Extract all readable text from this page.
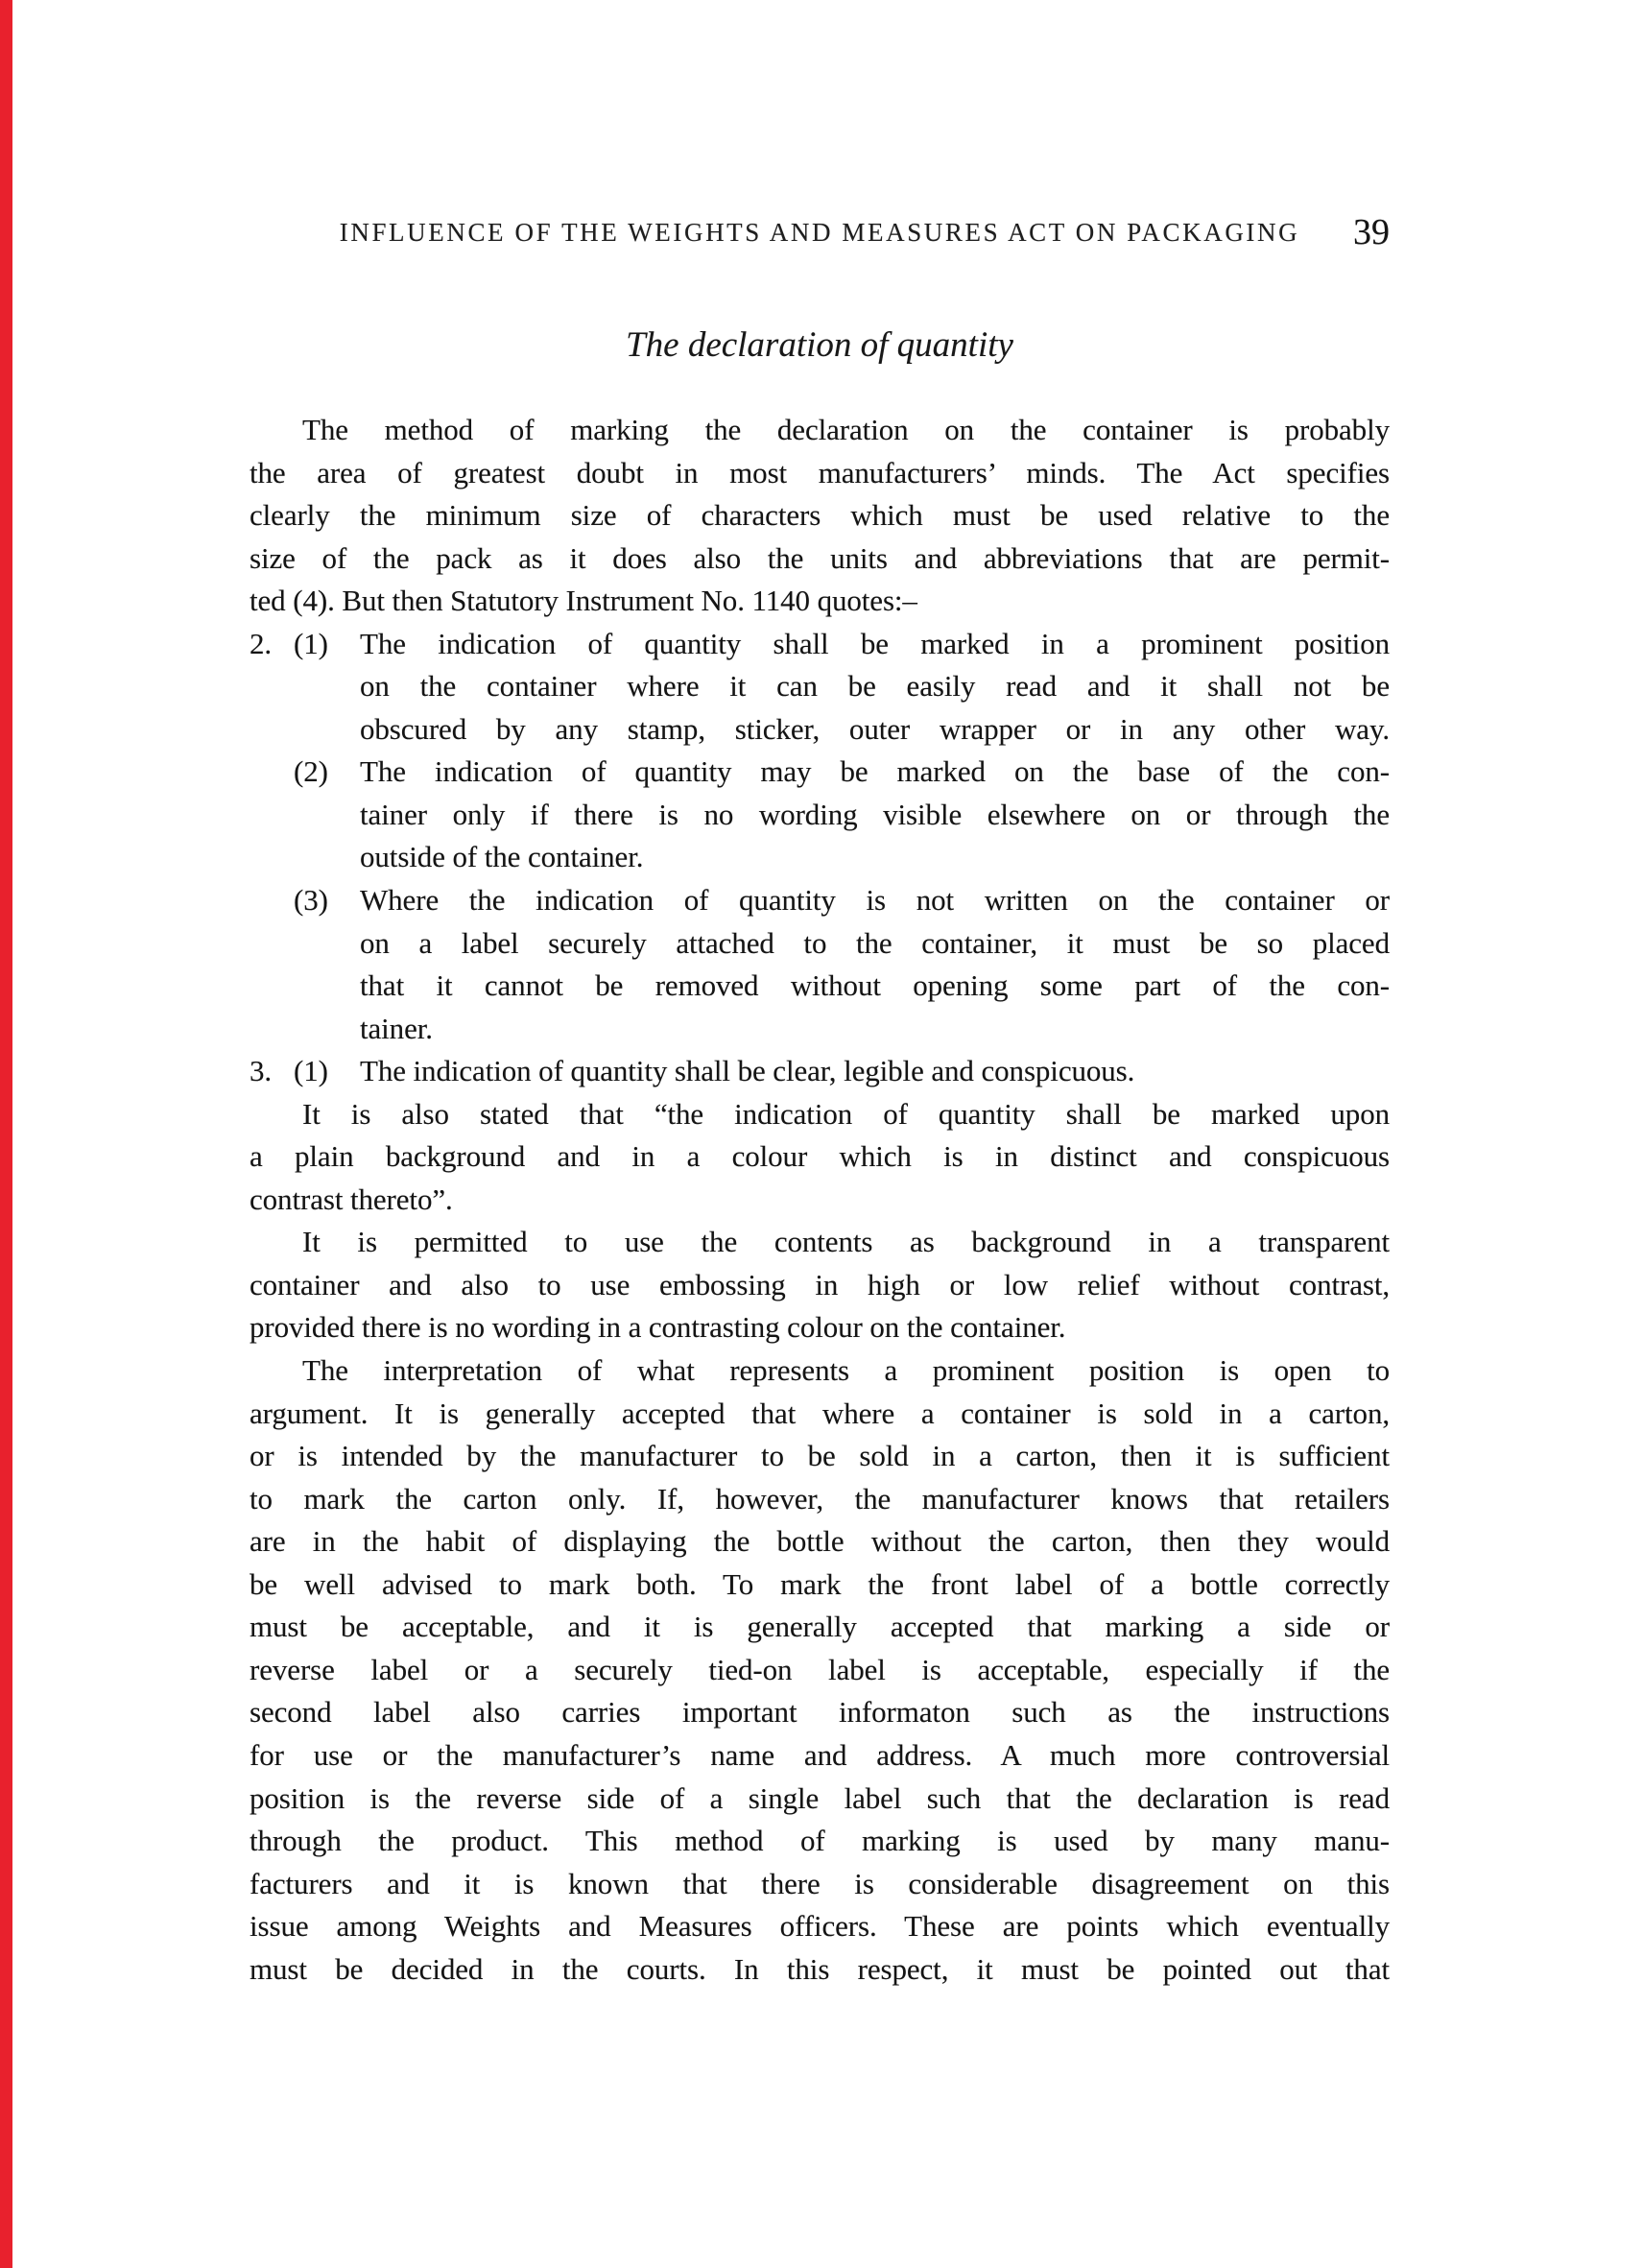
INFLUENCE OF THE WEIGHTS AND MEASURES ACT ON PACKAGING	39
The declaration of quantity
The method of marking the declaration on the container is probably
the area of greatest doubt in most manufacturers’ minds. The Act specifies
clearly the minimum size of characters which must be used relative to the
size of the pack as it does also the units and abbreviations that are permit-
ted (4). But then Statutory Instrument No. 1140 quotes:–
2. (1) The indication of quantity shall be marked in a prominent position
on the container where it can be easily read and it shall not be
obscured by any stamp, sticker, outer wrapper or in any other way.
(2) The indication of quantity may be marked on the base of the con-
tainer only if there is no wording visible elsewhere on or through the
outside of the container.
(3) Where the indication of quantity is not written on the container or
on a label securely attached to the container, it must be so placed
that it cannot be removed without opening some part of the con-
tainer.
3. (1) The indication of quantity shall be clear, legible and conspicuous.
It is also stated that “the indication of quantity shall be marked upon
a plain background and in a colour which is in distinct and conspicuous
contrast thereto”.
It is permitted to use the contents as background in a transparent
container and also to use embossing in high or low relief without contrast,
provided there is no wording in a contrasting colour on the container.
The interpretation of what represents a prominent position is open to
argument. It is generally accepted that where a container is sold in a carton,
or is intended by the manufacturer to be sold in a carton, then it is sufficient
to mark the carton only. If, however, the manufacturer knows that retailers
are in the habit of displaying the bottle without the carton, then they would
be well advised to mark both. To mark the front label of a bottle correctly
must be acceptable, and it is generally accepted that marking a side or
reverse label or a securely tied-on label is acceptable, especially if the
second label also carries important informaton such as the instructions
for use or the manufacturer’s name and address. A much more controversial
position is the reverse side of a single label such that the declaration is read
through the product. This method of marking is used by many manu-
facturers and it is known that there is considerable disagreement on this
issue among Weights and Measures officers. These are points which eventually
must be decided in the courts. In this respect, it must be pointed out that
